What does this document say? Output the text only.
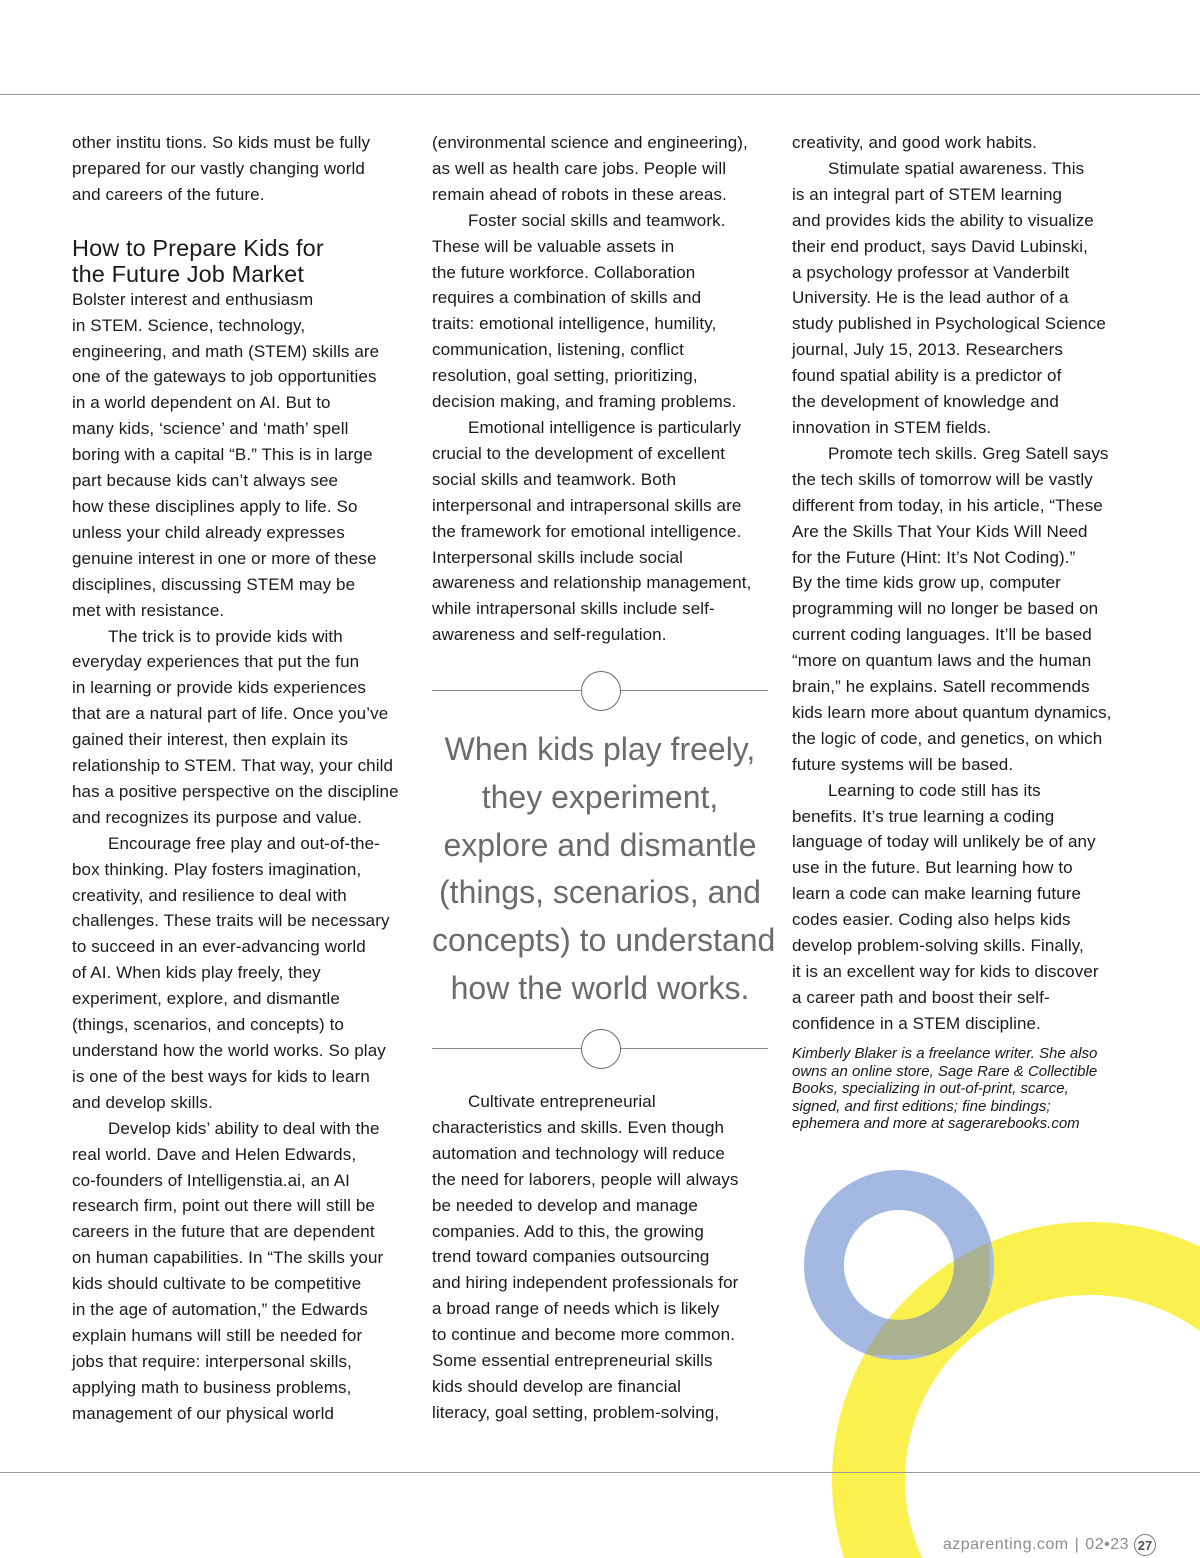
other institu tions. So kids must be fully
prepared for our vastly changing world
and careers of the future.

How to Prepare Kids for
the Future Job Market

Bolster interest and enthusiasm
in STEM. Science, technology,
engineering, and math (STEM) skills are
one of the gateways to job opportunities
in a world dependent on AI. But to
many kids, ‘science’ and ‘math’ spell
boring with a capital “B.” This is in large
part because kids can’t always see
how these disciplines apply to life. So
unless your child already expresses
genuine interest in one or more of these
disciplines, discussing STEM may be
met with resistance.

The trick is to provide kids with
everyday experiences that put the fun
in learning or provide kids experiences
that are a natural part of life. Once you’ve
gained their interest, then explain its
relationship to STEM. That way, your child
has a positive perspective on the discipline
and recognizes its purpose and value.

Encourage free play and out-of-the-
box thinking. Play fosters imagination,
creativity, and resilience to deal with
challenges. These traits will be necessary
to succeed in an ever-advancing world
of AI. When kids play freely, they
experiment, explore, and dismantle
(things, scenarios, and concepts) to
understand how the world works. So play
is one of the best ways for kids to learn
and develop skills.

Develop kids’ ability to deal with the
real world. Dave and Helen Edwards,
co-founders of Intelligenstia.ai, an AI
research firm, point out there will still be
careers in the future that are dependent
on human capabilities. In “The skills your
kids should cultivate to be competitive
in the age of automation,” the Edwards
explain humans will still be needed for
jobs that require: interpersonal skills,
applying math to business problems,
management of our physical world

(environmental science and engineering),
as well as health care jobs. People will
remain ahead of robots in these areas.

Foster social skills and teamwork.
These will be valuable assets in
the future workforce. Collaboration
requires a combination of skills and
traits: emotional intelligence, humility,
communication, listening, conflict
resolution, goal setting, prioritizing,
decision making, and framing problems.

Emotional intelligence is particularly
crucial to the development of excellent
social skills and teamwork. Both
interpersonal and intrapersonal skills are
the framework for emotional intelligence.
Interpersonal skills include social
awareness and relationship management,
while intrapersonal skills include self-
awareness and self-regulation.

When kids play freely,
they experiment,
explore and dismantle
(things, scenarios, and
concepts) to understand
how the world works.

Cultivate entrepreneurial
characteristics and skills. Even though
automation and technology will reduce
the need for laborers, people will always
be needed to develop and manage
companies. Add to this, the growing
trend toward companies outsourcing
and hiring independent professionals for
a broad range of needs which is likely
to continue and become more common.
Some essential entrepreneurial skills
kids should develop are financial
literacy, goal setting, problem-solving,

creativity, and good work habits.

Stimulate spatial awareness. This
is an integral part of STEM learning
and provides kids the ability to visualize
their end product, says David Lubinski,
a psychology professor at Vanderbilt
University. He is the lead author of a
study published in Psychological Science
journal, July 15, 2013. Researchers
found spatial ability is a predictor of
the development of knowledge and
innovation in STEM fields.

Promote tech skills. Greg Satell says
the tech skills of tomorrow will be vastly
different from today, in his article, “These
Are the Skills That Your Kids Will Need
for the Future (Hint: It’s Not Coding).”
By the time kids grow up, computer
programming will no longer be based on
current coding languages. It’ll be based
“more on quantum laws and the human
brain,” he explains. Satell recommends
kids learn more about quantum dynamics,
the logic of code, and genetics, on which
future systems will be based.

Learning to code still has its
benefits. It’s true learning a coding
language of today will unlikely be of any
use in the future. But learning how to
learn a code can make learning future
codes easier. Coding also helps kids
develop problem-solving skills. Finally,
it is an excellent way for kids to discover
a career path and boost their self-
confidence in a STEM discipline.

Kimberly Blaker is a freelance writer. She also
owns an online store, Sage Rare & Collectible
Books, specializing in out-of-print, scarce,
signed, and first editions; fine bindings;
ephemera and more at sagerarebooks.com
azparenting.com | 02•23 27
